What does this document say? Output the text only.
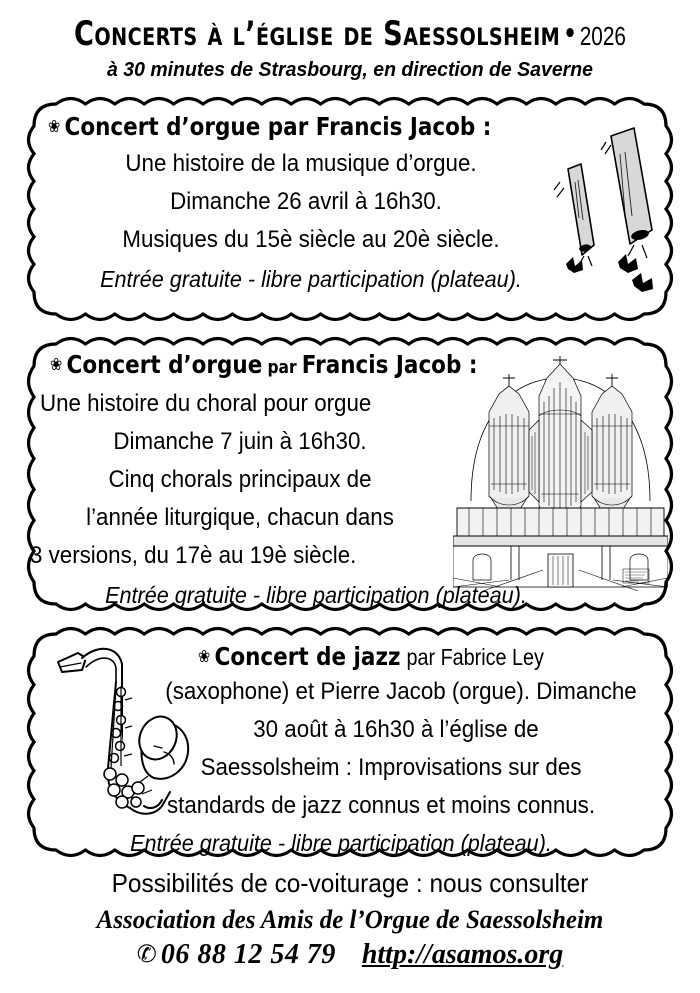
Concerts à l’église de Saessolsheim • 2026
à 30 minutes de Strasbourg, en direction de Saverne
❀ Concert d’orgue par Francis Jacob :
Une histoire de la musique d’orgue.
Dimanche 26 avril à 16h30.
Musiques du 15è siècle au 20è siècle.
Entrée gratuite - libre participation (plateau).
❀ Concert d’orgue par Francis Jacob :
Une histoire du choral pour orgue
Dimanche 7 juin à 16h30.
Cinq chorals principaux de
l’année liturgique, chacun dans
3 versions, du 17è au 19è siècle.
Entrée gratuite - libre participation (plateau).
❀ Concert de jazz par Fabrice Ley
(saxophone) et Pierre Jacob (orgue). Dimanche
30 août à 16h30 à l’église de
Saessolsheim : Improvisations sur des
standards de jazz connus et moins connus.
Entrée gratuite - libre participation (plateau).
Possibilités de co-voiturage : nous consulter
Association des Amis de l’Orgue de Saessolsheim
✆ 06 88 12 54 79 http://asamos.org
